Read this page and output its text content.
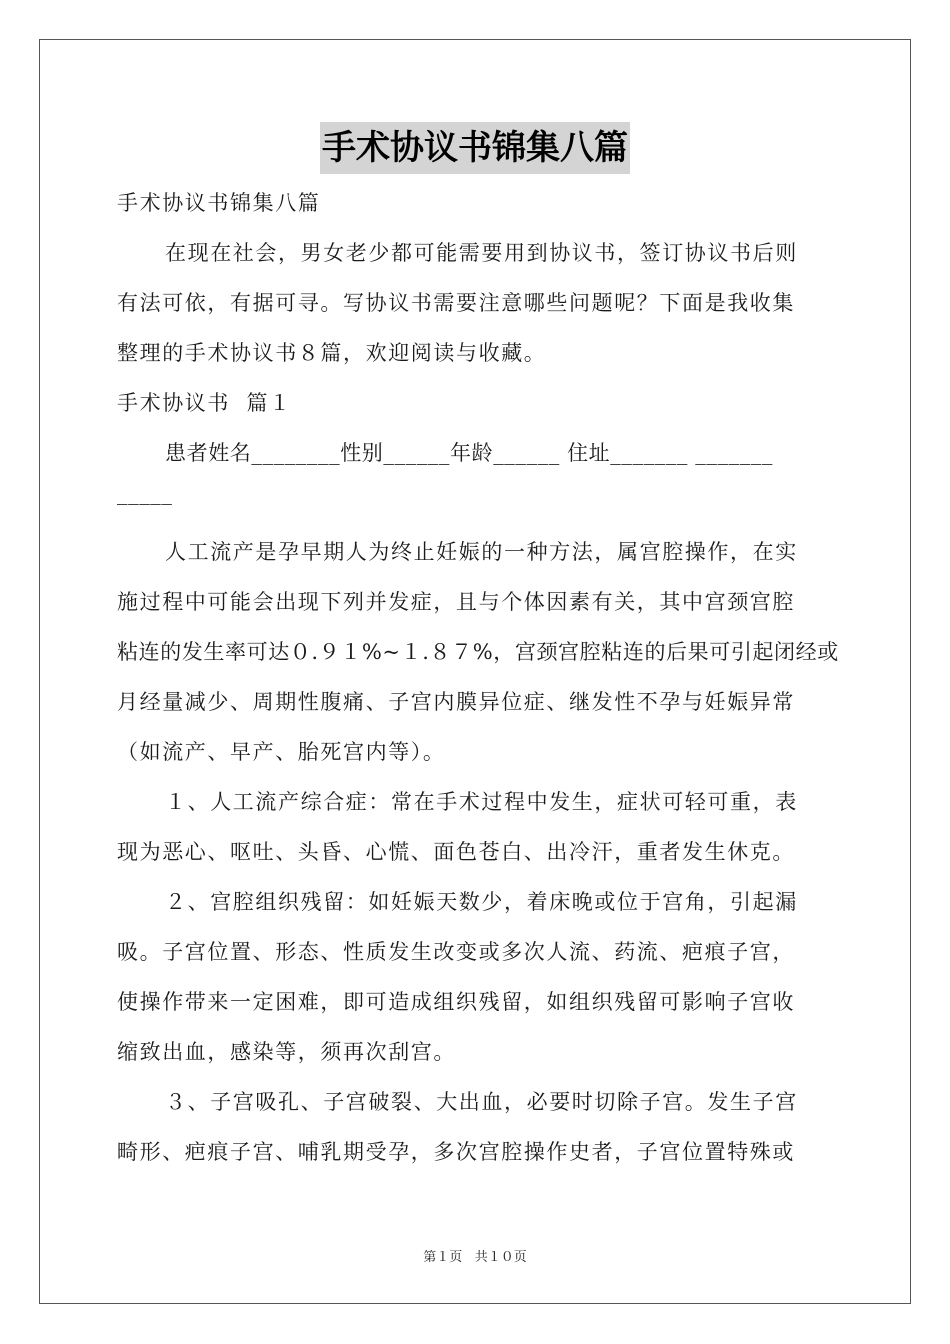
手术协议书锦集八篇
手术协议书锦集八篇
在现在社会，男女老少都可能需要用到协议书，签订协议书后则
有法可依，有据可寻。写协议书需要注意哪些问题呢？下面是我收集
整理的手术协议书８篇，欢迎阅读与收藏。
手术协议书  篇１
患者姓名________性别______年龄______ 住址_______ _______
_____
人工流产是孕早期人为终止妊娠的一种方法，属宫腔操作，在实
施过程中可能会出现下列并发症，且与个体因素有关，其中宫颈宫腔
粘连的发生率可达０.９１%~１.８７%，宫颈宫腔粘连的后果可引起闭经或
月经量减少、周期性腹痛、子宫内膜异位症、继发性不孕与妊娠异常
（如流产、早产、胎死宫内等）。
１、人工流产综合症：常在手术过程中发生，症状可轻可重，表
现为恶心、呕吐、头昏、心慌、面色苍白、出冷汗，重者发生休克。
２、宫腔组织残留：如妊娠天数少，着床晚或位于宫角，引起漏
吸。子宫位置、形态、性质发生改变或多次人流、药流、疤痕子宫，
使操作带来一定困难，即可造成组织残留，如组织残留可影响子宫收
缩致出血，感染等，须再次刮宫。
３、子宫吸孔、子宫破裂、大出血，必要时切除子宫。发生子宫
畸形、疤痕子宫、哺乳期受孕，多次宫腔操作史者，子宫位置特殊或
第１页   共１０页
